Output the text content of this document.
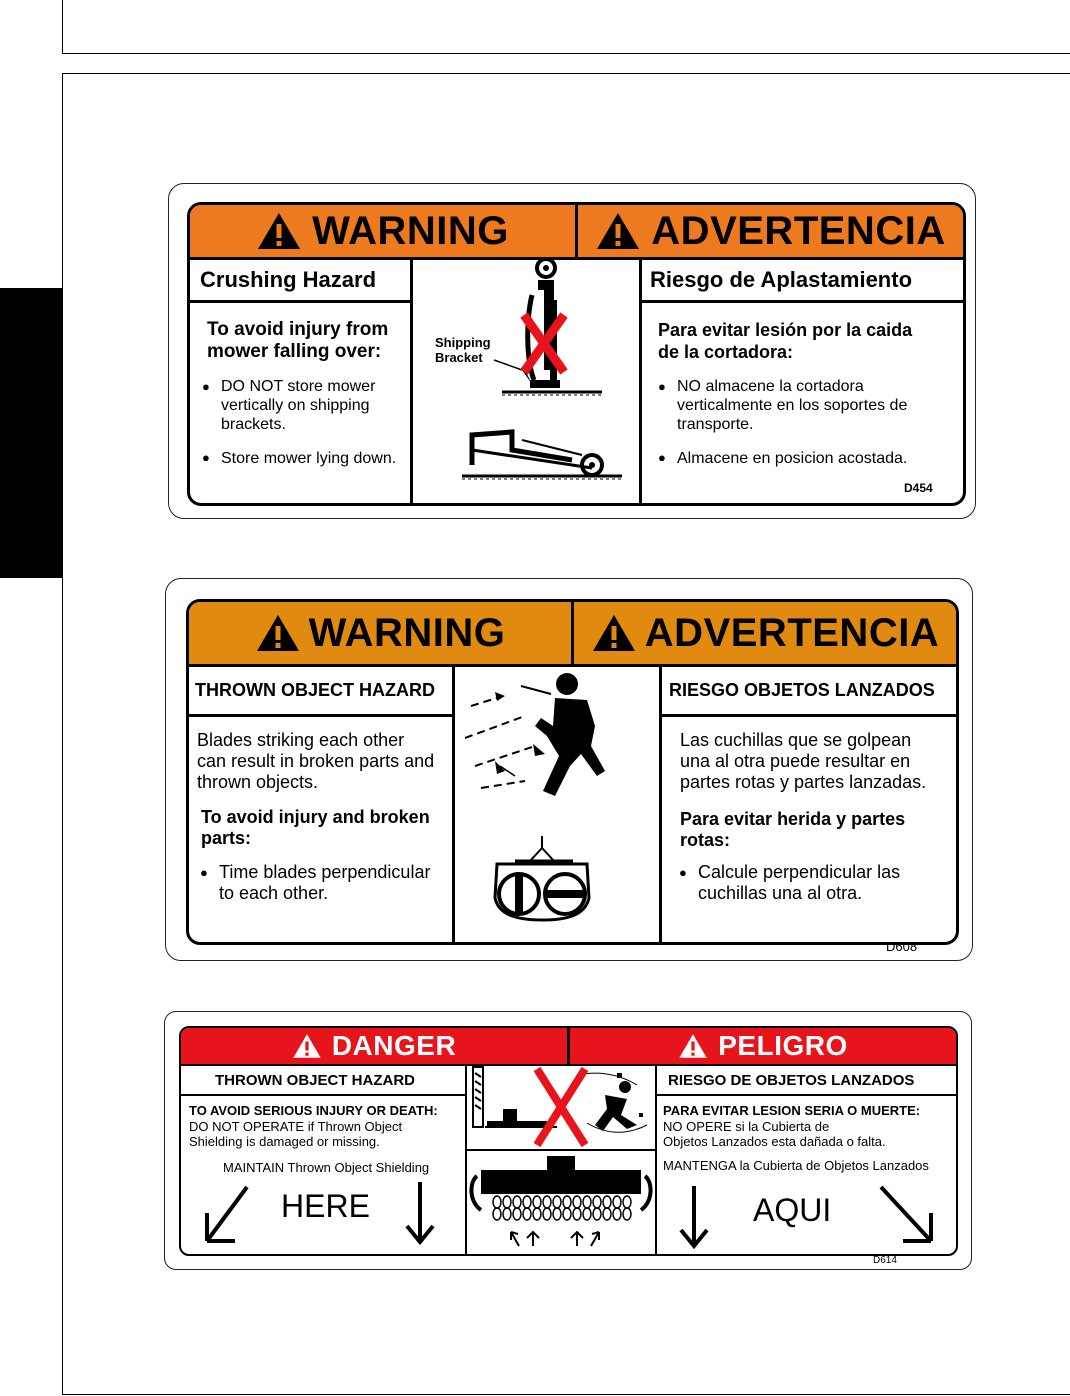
WARNING	ADVERTENCIA
Crushing Hazard	Riesgo de Aplastamiento
To avoid injury from
mower falling over:
● DO NOT store mower
vertically on shipping
brackets.
● Store mower lying down.
Para evitar lesión por la caida
de la cortadora:
● NO almacene la cortadora
verticalmente en los soportes de
transporte.
● Almacene en posicion acostada.
D454
Shipping
Bracket
WARNING	ADVERTENCIA
THROWN OBJECT HAZARD	RIESGO OBJETOS LANZADOS
Blades striking each other
can result in broken parts and
thrown objects.
To avoid injury and broken
parts:
● Time blades perpendicular
to each other.
Las cuchillas que se golpean
una al otra puede resultar en
partes rotas y partes lanzadas.
Para evitar herida y partes
rotas:
● Calcule perpendicular las
cuchillas una al otra.
D608
DANGER	PELIGRO
THROWN OBJECT HAZARD	RIESGO DE OBJETOS LANZADOS
TO AVOID SERIOUS INJURY OR DEATH:
DO NOT OPERATE if Thrown Object
Shielding is damaged or missing.
MAINTAIN Thrown Object Shielding
HERE
PARA EVITAR LESION SERIA O MUERTE:
NO OPERE si la Cubierta de
Objetos Lanzados esta dañada o falta.
MANTENGA la Cubierta de Objetos Lanzados
AQUI
D614
